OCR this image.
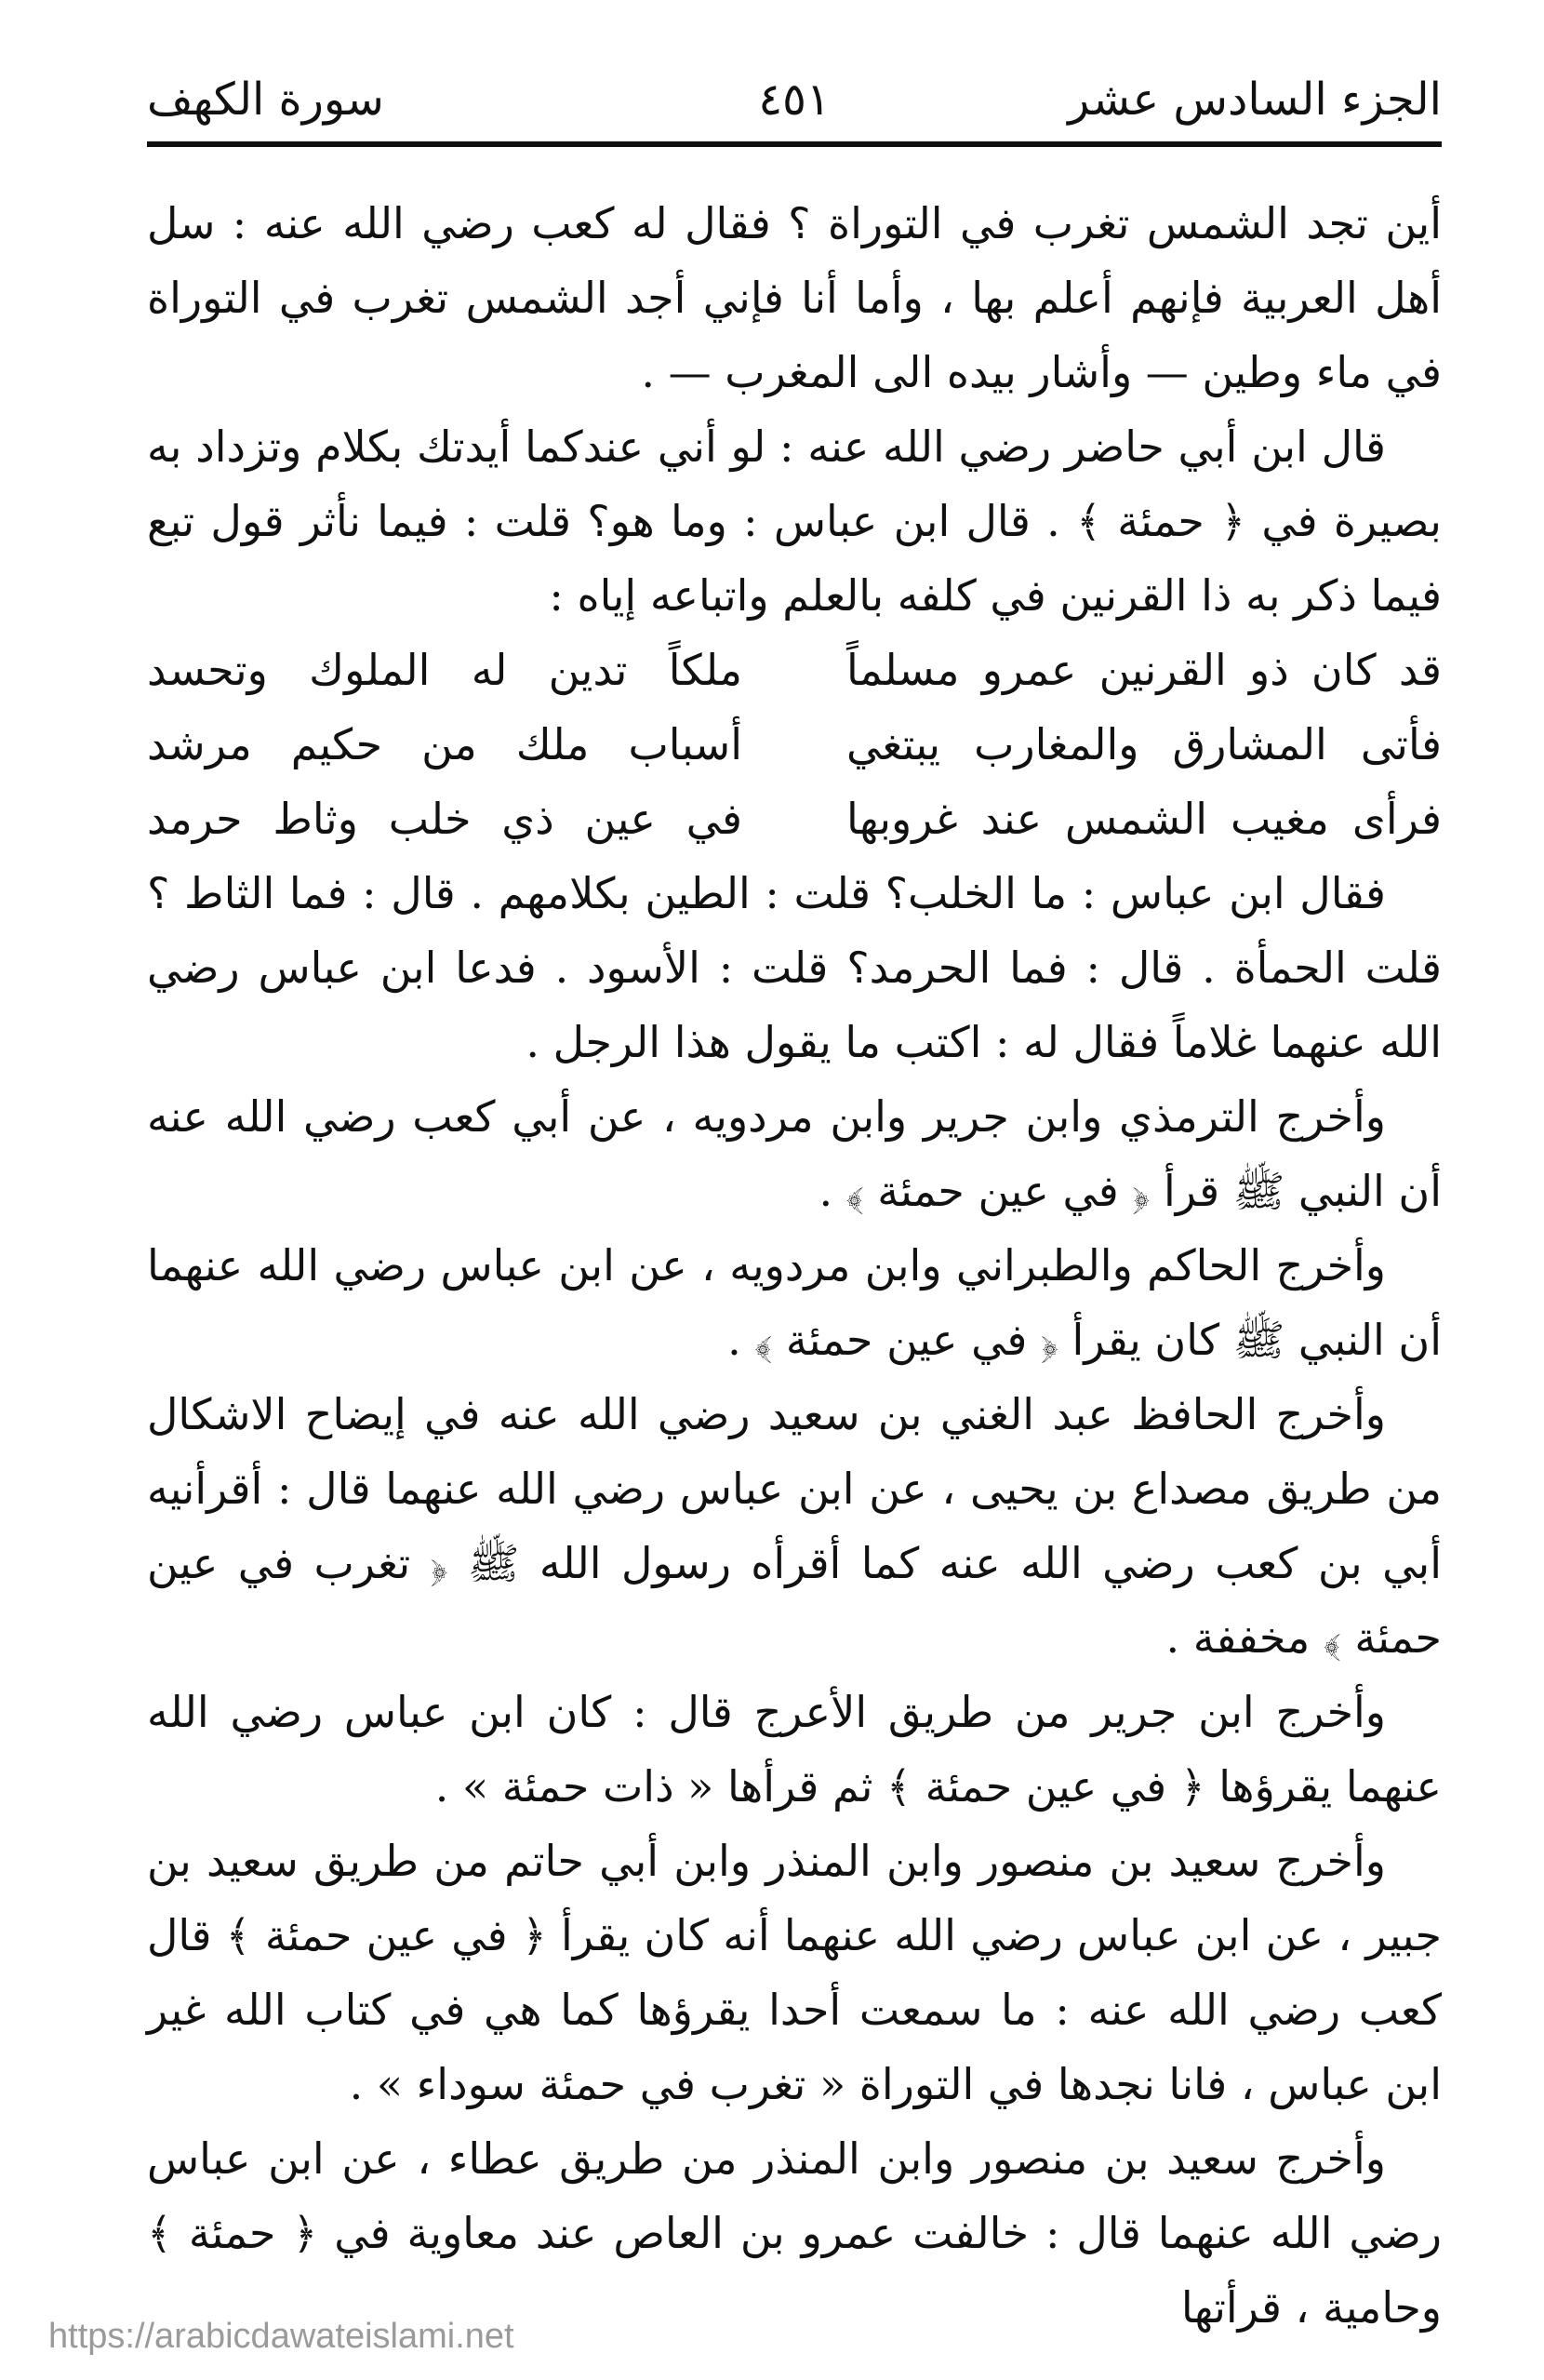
الجزء السادس عشر
٤٥١
سورة الكهف

أين تجد الشمس تغرب في التوراة ؟ فقال له كعب رضي الله عنه : سل أهل العربية فإنهم أعلم بها ، وأما أنا فإني أجد الشمس تغرب في التوراة في ماء وطين — وأشار بيده الى المغرب — .

قال ابن أبي حاضر رضي الله عنه : لو أني عندكما أيدتك بكلام وتزداد به بصيرة في ﴿ حمئة ﴾ . قال ابن عباس : وما هو؟ قلت : فيما نأثر قول تبع فيما ذكر به ذا القرنين في كلفه بالعلم واتباعه إياه :

قد كان ذو القرنين عمرو مسلماً
ملكاً تدين له الملوك وتحسد
فأتى المشارق والمغارب يبتغي
أسباب ملك من حكيم مرشد
فرأى مغيب الشمس عند غروبها
في عين ذي خلب وثاط حرمد

فقال ابن عباس : ما الخلب؟ قلت : الطين بكلامهم . قال : فما الثاط ؟ قلت الحمأة . قال : فما الحرمد؟ قلت : الأسود . فدعا ابن عباس رضي الله عنهما غلاماً فقال له : اكتب ما يقول هذا الرجل .

وأخرج الترمذي وابن جرير وابن مردويه ، عن أبي كعب رضي الله عنه أن النبي ﷺ قرأ ﴿ في عين حمئة ﴾ .

وأخرج الحاكم والطبراني وابن مردويه ، عن ابن عباس رضي الله عنهما أن النبي ﷺ كان يقرأ ﴿ في عين حمئة ﴾ .

وأخرج الحافظ عبد الغني بن سعيد رضي الله عنه في إيضاح الاشكال من طريق مصداع بن يحيى ، عن ابن عباس رضي الله عنهما قال : أقرأنيه أبي بن كعب رضي الله عنه كما أقرأه رسول الله ﷺ ﴿ تغرب في عين حمئة ﴾ مخففة .

وأخرج ابن جرير من طريق الأعرج قال : كان ابن عباس رضي الله عنهما يقرؤها ﴿ في عين حمئة ﴾ ثم قرأها « ذات حمئة » .

وأخرج سعيد بن منصور وابن المنذر وابن أبي حاتم من طريق سعيد بن جبير ، عن ابن عباس رضي الله عنهما أنه كان يقرأ ﴿ في عين حمئة ﴾ قال كعب رضي الله عنه : ما سمعت أحدا يقرؤها كما هي في كتاب الله غير ابن عباس ، فانا نجدها في التوراة « تغرب في حمئة سوداء » .

وأخرج سعيد بن منصور وابن المنذر من طريق عطاء ، عن ابن عباس رضي الله عنهما قال : خالفت عمرو بن العاص عند معاوية في ﴿ حمئة ﴾ وحامية ، قرأتها

https://arabicdawateislami.net
